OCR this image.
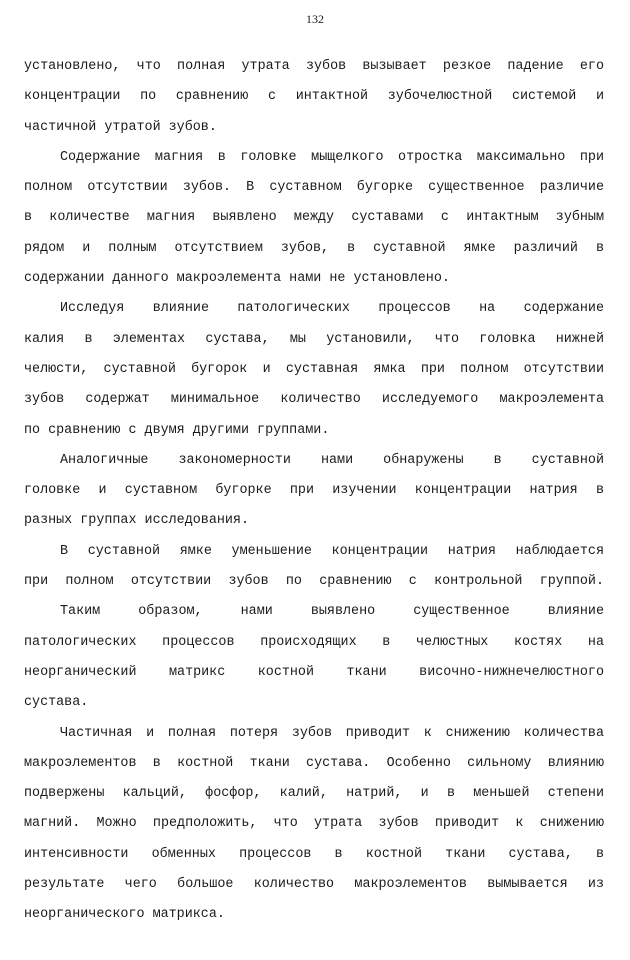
132
установлено, что полная утрата зубов вызывает резкое падение его
концентрации по сравнению с интактной зубочелюстной системой и
частичной утратой зубов.
Содержание магния в головке мыщелкого отростка максимально при
полном отсутствии зубов. В суставном бугорке существенное различие
в количестве магния выявлено между суставами с интактным зубным
рядом и полным отсутствием зубов, в суставной ямке различий в
содержании данного макроэлемента нами не установлено.
Исследуя влияние патологических процессов на содержание
калия в элементах сустава, мы установили, что головка нижней
челюсти, суставной бугорок и суставная ямка при полном отсутствии
зубов содержат минимальное количество исследуемого макроэлемента
по сравнению с двумя другими группами.
Аналогичные закономерности нами обнаружены в суставной
головке и суставном бугорке при изучении концентрации натрия в
разных группах исследования.
В суставной ямке уменьшение концентрации натрия наблюдается
при полном отсутствии зубов по сравнению с контрольной группой.
Таким образом, нами выявлено существенное влияние
патологических процессов происходящих в челюстных костях на
неорганический матрикс костной ткани височно-нижнечелюстного
сустава.
Частичная и полная потеря зубов приводит к снижению количества
макроэлементов в костной ткани сустава. Особенно сильному влиянию
подвержены кальций, фосфор, калий, натрий, и в меньшей степени
магний. Можно предположить, что утрата зубов приводит к снижению
интенсивности обменных процессов в костной ткани сустава, в
результате чего большое количество макроэлементов вымывается из
неорганического матрикса.
